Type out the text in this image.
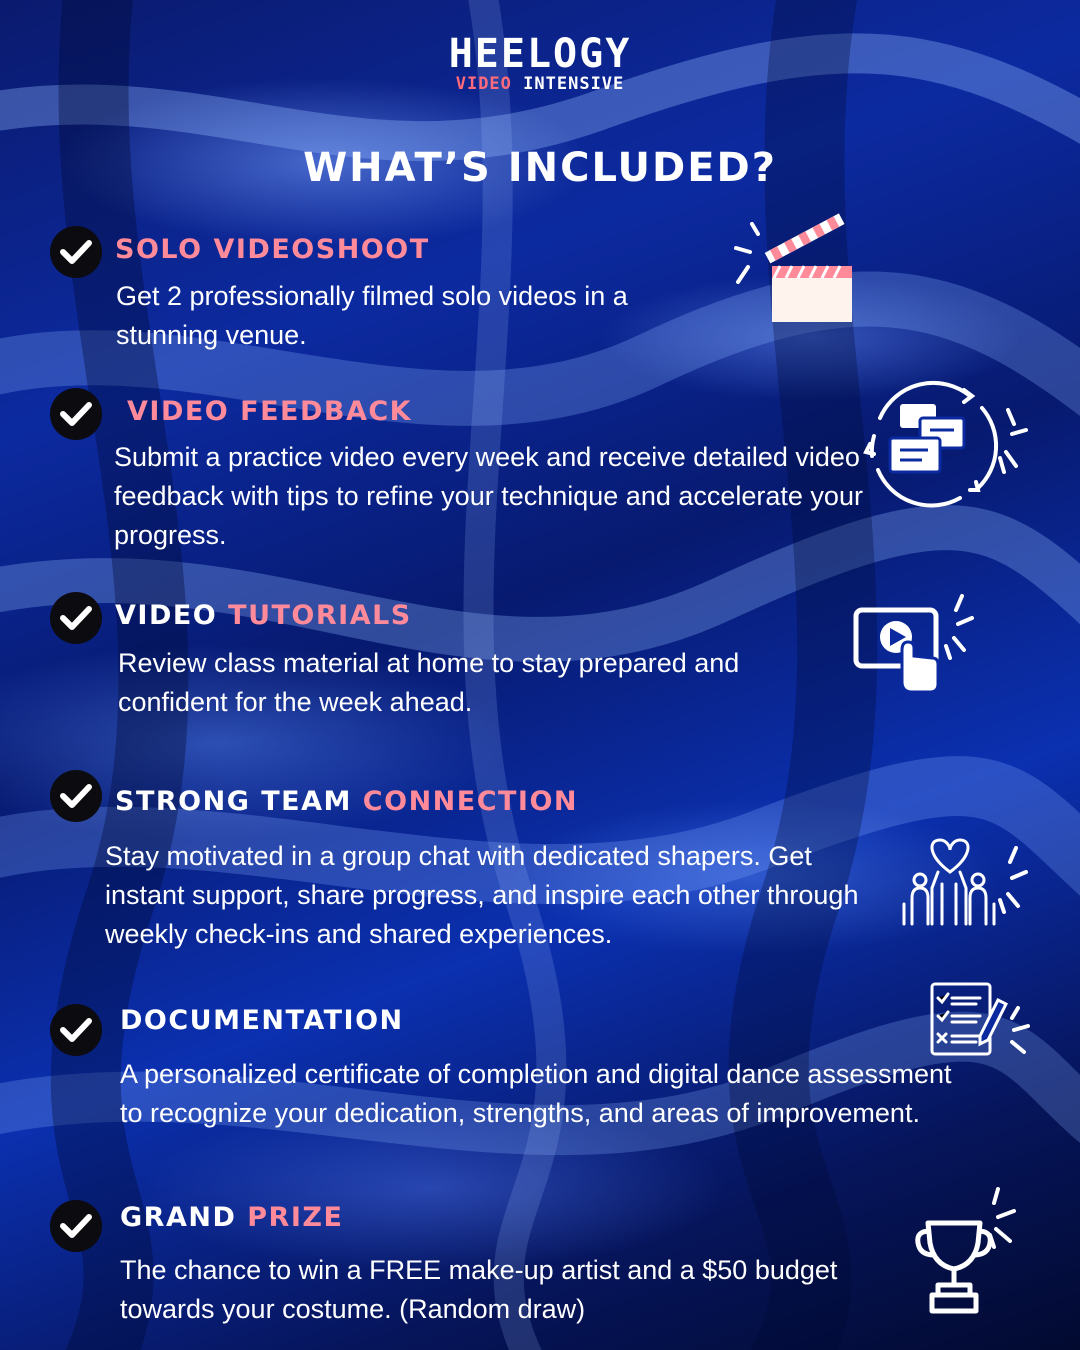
HEELOGY
VIDEO INTENSIVE
WHAT’S INCLUDED?
SOLO VIDEOSHOOT
Get 2 professionally filmed solo videos in a stunning venue.
VIDEO FEEDBACK
Submit a practice video every week and receive detailed video feedback with tips to refine your technique and accelerate your progress.
VIDEO TUTORIALS
Review class material at home to stay prepared and confident for the week ahead.
STRONG TEAM CONNECTION
Stay motivated in a group chat with dedicated shapers. Get instant support, share progress, and inspire each other through weekly check-ins and shared experiences.
DOCUMENTATION
A personalized certificate of completion and digital dance assessment to recognize your dedication, strengths, and areas of improvement.
GRAND PRIZE
The chance to win a FREE make-up artist and a $50 budget towards your costume. (Random draw)
